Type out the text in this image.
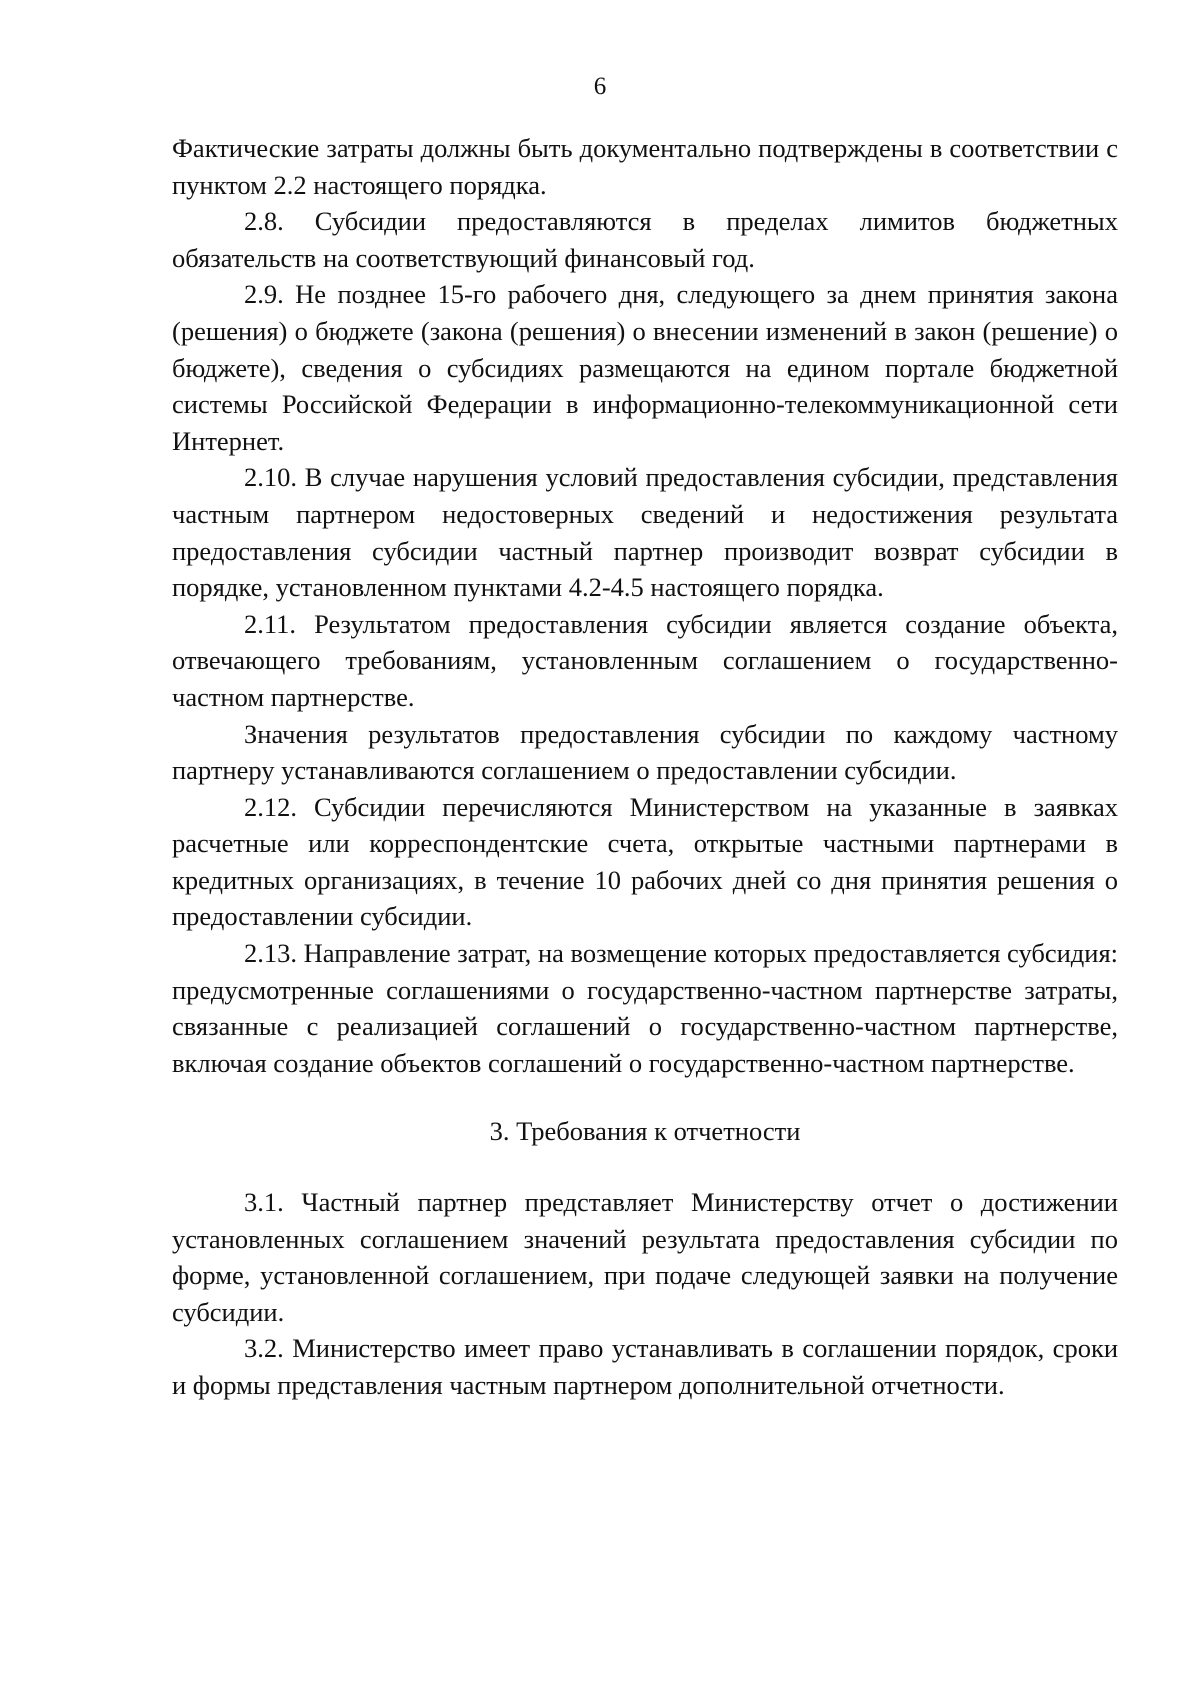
6

Фактические затраты должны быть документально подтверждены в соответствии с пунктом 2.2 настоящего порядка.

2.8. Субсидии предоставляются в пределах лимитов бюджетных обязательств на соответствующий финансовый год.

2.9. Не позднее 15-го рабочего дня, следующего за днем принятия закона (решения) о бюджете (закона (решения) о внесении изменений в закон (решение) о бюджете), сведения о субсидиях размещаются на едином портале бюджетной системы Российской Федерации в информационно-телекоммуникационной сети Интернет.

2.10. В случае нарушения условий предоставления субсидии, представления частным партнером недостоверных сведений и недостижения результата предоставления субсидии частный партнер производит возврат субсидии в порядке, установленном пунктами 4.2-4.5 настоящего порядка.

2.11. Результатом предоставления субсидии является создание объекта, отвечающего требованиям, установленным соглашением о государственно-частном партнерстве.

Значения результатов предоставления субсидии по каждому частному партнеру устанавливаются соглашением о предоставлении субсидии.

2.12. Субсидии перечисляются Министерством на указанные в заявках расчетные или корреспондентские счета, открытые частными партнерами в кредитных организациях, в течение 10 рабочих дней со дня принятия решения о предоставлении субсидии.

2.13. Направление затрат, на возмещение которых предоставляется субсидия: предусмотренные соглашениями о государственно-частном партнерстве затраты, связанные с реализацией соглашений о государственно-частном партнерстве, включая создание объектов соглашений о государственно-частном партнерстве.

3. Требования к отчетности

3.1. Частный партнер представляет Министерству отчет о достижении установленных соглашением значений результата предоставления субсидии по форме, установленной соглашением, при подаче следующей заявки на получение субсидии.

3.2. Министерство имеет право устанавливать в соглашении порядок, сроки и формы представления частным партнером дополнительной отчетности.
